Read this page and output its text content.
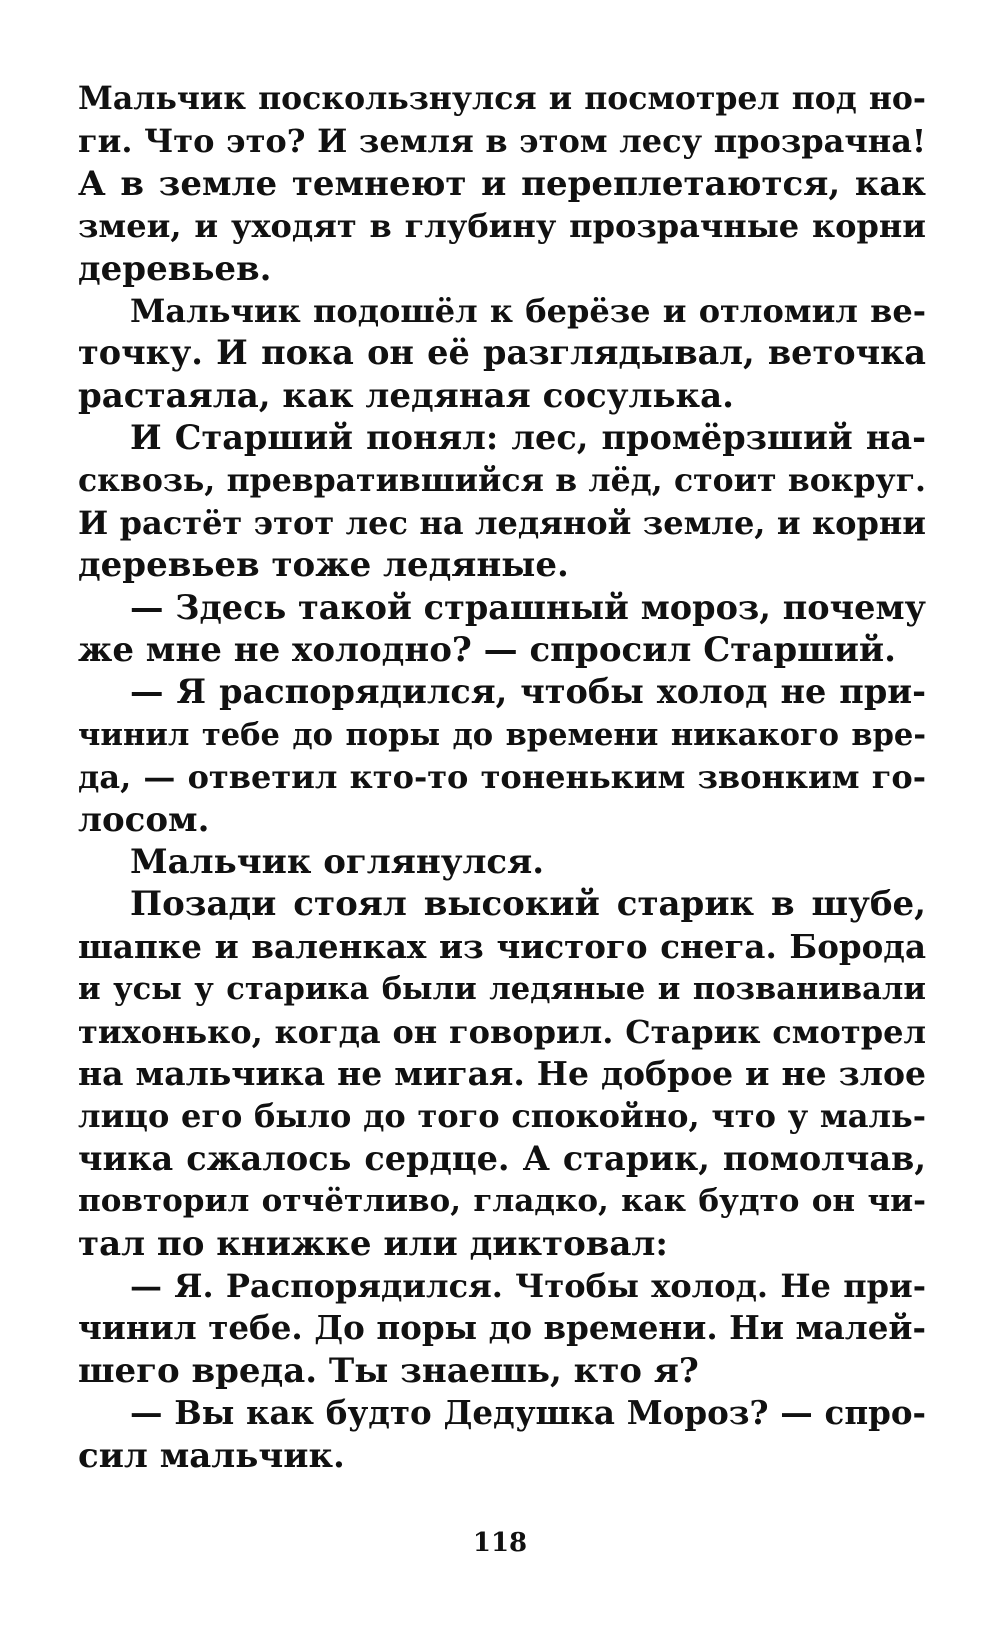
Мальчик поскользнулся и посмотрел под но-
ги. Что это? И земля в этом лесу прозрачна!
А в земле темнеют и переплетаются, как
змеи, и уходят в глубину прозрачные корни
деревьев.
Мальчик подошёл к берёзе и отломил ве-
точку. И пока он её разглядывал, веточка
растаяла, как ледяная сосулька.
И Старший понял: лес, промёрзший на-
сквозь, превратившийся в лёд, стоит вокруг.
И растёт этот лес на ледяной земле, и корни
деревьев тоже ледяные.
— Здесь такой страшный мороз, почему
же мне не холодно? — спросил Старший.
— Я распорядился, чтобы холод не при-
чинил тебе до поры до времени никакого вре-
да, — ответил кто-то тоненьким звонким го-
лосом.
Мальчик оглянулся.
Позади стоял высокий старик в шубе,
шапке и валенках из чистого снега. Борода
и усы у старика были ледяные и позванивали
тихонько, когда он говорил. Старик смотрел
на мальчика не мигая. Не доброе и не злое
лицо его было до того спокойно, что у маль-
чика сжалось сердце. А старик, помолчав,
повторил отчётливо, гладко, как будто он чи-
тал по книжке или диктовал:
— Я. Распорядился. Чтобы холод. Не при-
чинил тебе. До поры до времени. Ни малей-
шего вреда. Ты знаешь, кто я?
— Вы как будто Дедушка Мороз? — спро-
сил мальчик.
118
